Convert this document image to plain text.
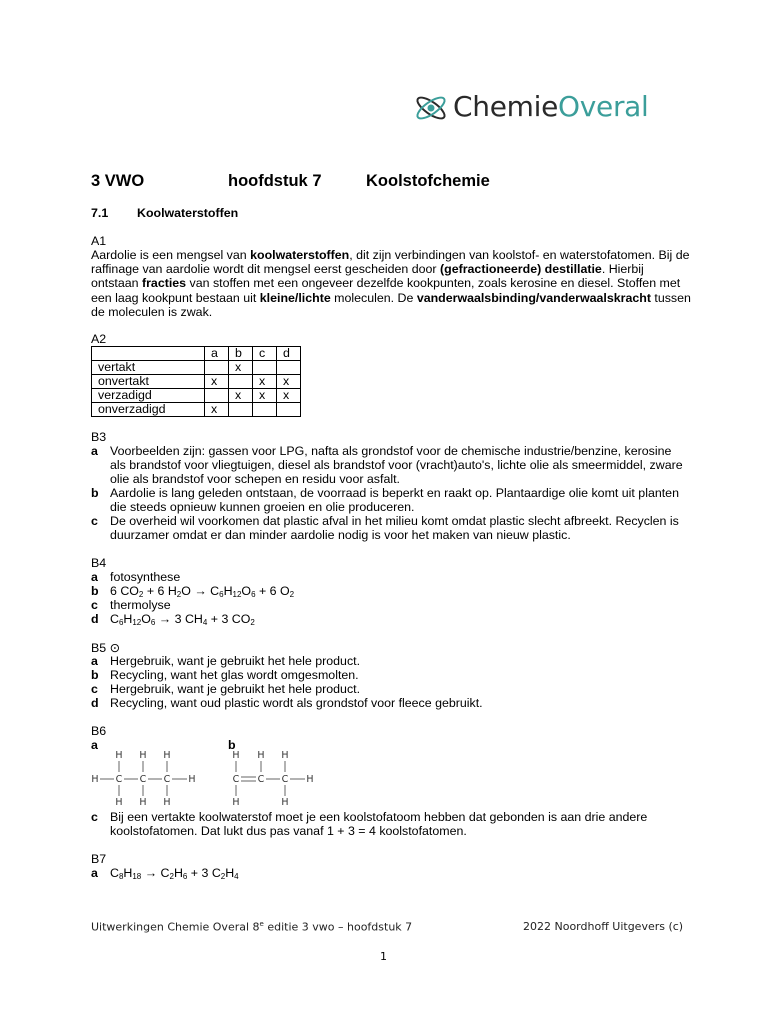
ChemieOveral
3 VWO	hoofdstuk 7	Koolstofchemie
7.1 Koolwaterstoffen
A1
Aardolie is een mengsel van koolwaterstoffen, dit zijn verbindingen van koolstof- en waterstofatomen. Bij de raffinage van aardolie wordt dit mengsel eerst gescheiden door (gefractioneerde) destillatie. Hierbij ontstaan fracties van stoffen met een ongeveer dezelfde kookpunten, zoals kerosine en diesel. Stoffen met een laag kookpunt bestaan uit kleine/lichte moleculen. De vanderwaalsbinding/vanderwaalskracht tussen de moleculen is zwak.
A2
	a	b	c	d
vertakt		x		
onvertakt	x		x	x
verzadigd		x	x	x
onverzadigd	x			
B3
a Voorbeelden zijn: gassen voor LPG, nafta als grondstof voor de chemische industrie/benzine, kerosine als brandstof voor vliegtuigen, diesel als brandstof voor (vracht)auto's, lichte olie als smeermiddel, zware olie als brandstof voor schepen en residu voor asfalt.
b Aardolie is lang geleden ontstaan, de voorraad is beperkt en raakt op. Plantaardige olie komt uit planten die steeds opnieuw kunnen groeien en olie produceren.
c De overheid wil voorkomen dat plastic afval in het milieu komt omdat plastic slecht afbreekt. Recyclen is duurzamer omdat er dan minder aardolie nodig is voor het maken van nieuw plastic.
B4
a fotosynthese
b 6 $CO_2 + 6$ $H_2O \to C_6H_{12}O_6 + 6$ $O_2$
c thermolyse
d $C_6H_{12}O_6 \to 3$ $CH_4 + 3$ $CO_2$
B5 ⊙
a Hergebruik, want je gebruikt het hele product.
b Recycling, want het glas wordt omgesmolten.
c Hergebruik, want je gebruikt het hele product.
d Recycling, want oud plastic wordt als grondstof voor fleece gebruikt.
B6
a	b
H H H
H C C C H
H H H
H H H
C C C H
H	H
c Bij een vertakte koolwaterstof moet je een koolstofatoom hebben dat gebonden is aan drie andere koolstofatomen. Dat lukt dus pas vanaf 1 + 3 = 4 koolstofatomen.
B7
a $C_8H_{18} \to C_2H_6 + 3$ $C_2H_4$
Uitwerkingen Chemie Overal 8e editie 3 vwo – hoofdstuk 7	2022 Noordhoff Uitgevers (c)
1
